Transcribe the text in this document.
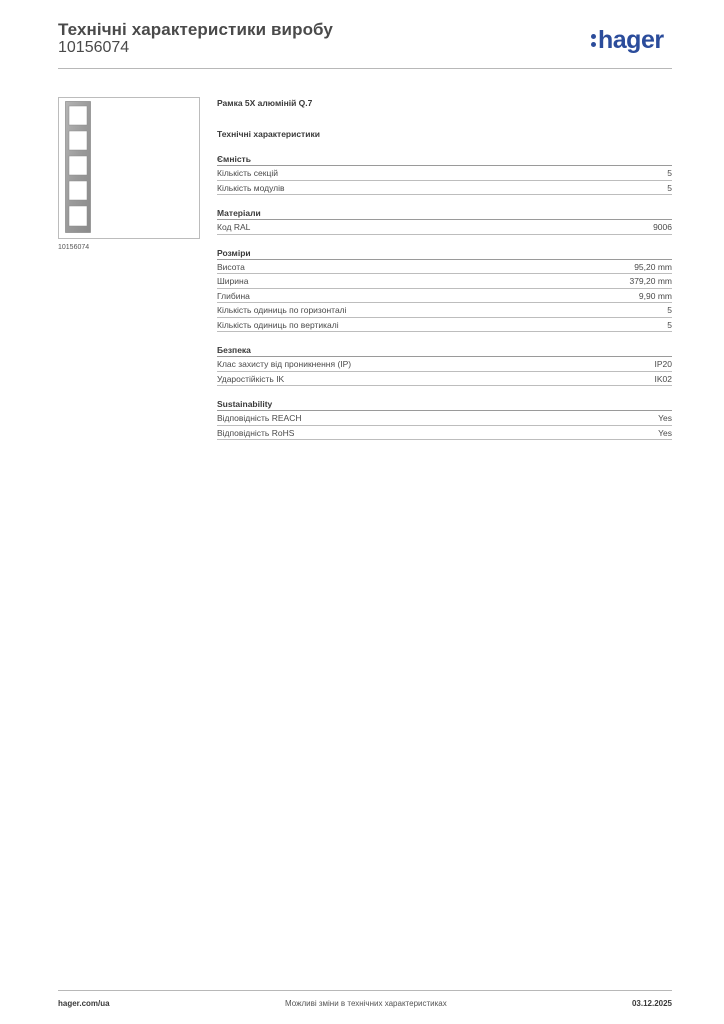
Технічні характеристики виробу
10156074	hager
10156074
Рамка 5X алюміній Q.7
Технічні характеристики
Ємність
Кількість секцій	5
Кількість модулів	5
Матеріали
Код RAL	9006
Розміри
Висота	95,20 mm
Ширина	379,20 mm
Глибина	9,90 mm
Кількість одиниць по горизонталі	5
Кількість одиниць по вертикалі	5
Безпека
Клас захисту від проникнення (IP)	IP20
Ударостійкість IK	IK02
Sustainability
Відповідність REACH	Yes
Відповідність RoHS	Yes
hager.com/ua	Можливі зміни в технічних характеристиках	03.12.2025
